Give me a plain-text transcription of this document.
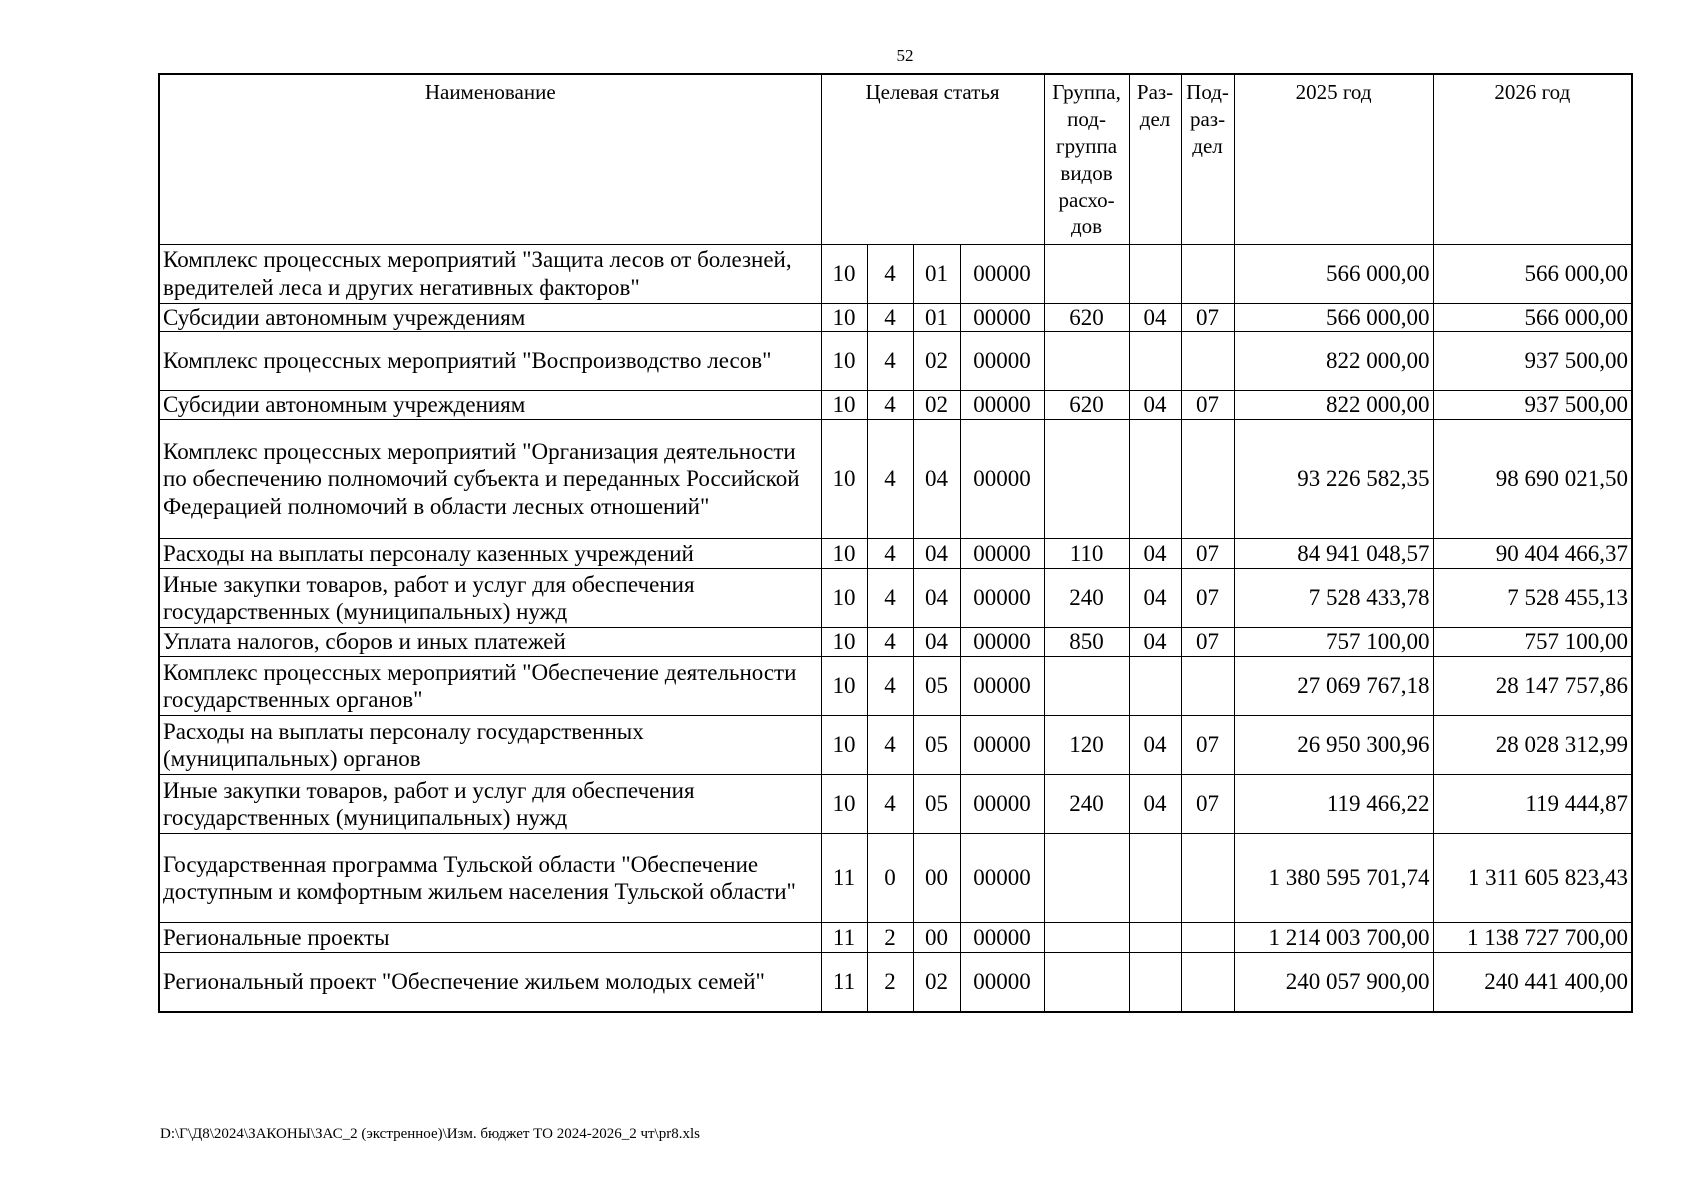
52
Наименование	Целевая статья				Группа, под- группа видов расхо- дов	Раз- дел	Под- раз- дел	2025 год	2026 год
Комплекс процессных мероприятий "Защита лесов от болезней, вредителей леса и других негативных факторов"	10	4	01	00000				566 000,00	566 000,00
Субсидии автономным учреждениям	10	4	01	00000	620	04	07	566 000,00	566 000,00
Комплекс процессных мероприятий "Воспроизводство лесов"	10	4	02	00000				822 000,00	937 500,00
Субсидии автономным учреждениям	10	4	02	00000	620	04	07	822 000,00	937 500,00
Комплекс процессных мероприятий "Организация деятельности по обеспечению полномочий субъекта и переданных Российской Федерацией полномочий в области лесных отношений"	10	4	04	00000				93 226 582,35	98 690 021,50
Расходы на выплаты персоналу казенных учреждений	10	4	04	00000	110	04	07	84 941 048,57	90 404 466,37
Иные закупки товаров, работ и услуг для обеспечения государственных (муниципальных) нужд	10	4	04	00000	240	04	07	7 528 433,78	7 528 455,13
Уплата налогов, сборов и иных платежей	10	4	04	00000	850	04	07	757 100,00	757 100,00
Комплекс процессных мероприятий "Обеспечение деятельности государственных органов"	10	4	05	00000				27 069 767,18	28 147 757,86
Расходы на выплаты персоналу государственных (муниципальных) органов	10	4	05	00000	120	04	07	26 950 300,96	28 028 312,99
Иные закупки товаров, работ и услуг для обеспечения государственных (муниципальных) нужд	10	4	05	00000	240	04	07	119 466,22	119 444,87
Государственная программа Тульской области "Обеспечение доступным и комфортным жильем населения Тульской области"	11	0	00	00000				1 380 595 701,74	1 311 605 823,43
Региональные проекты	11	2	00	00000				1 214 003 700,00	1 138 727 700,00
Региональный проект "Обеспечение жильем молодых семей"	11	2	02	00000				240 057 900,00	240 441 400,00
D:\Г\Д8\2024\ЗАКОНЫ\ЗАС_2 (экстренное)\Изм. бюджет ТО 2024-2026_2 чт\pr8.xls
